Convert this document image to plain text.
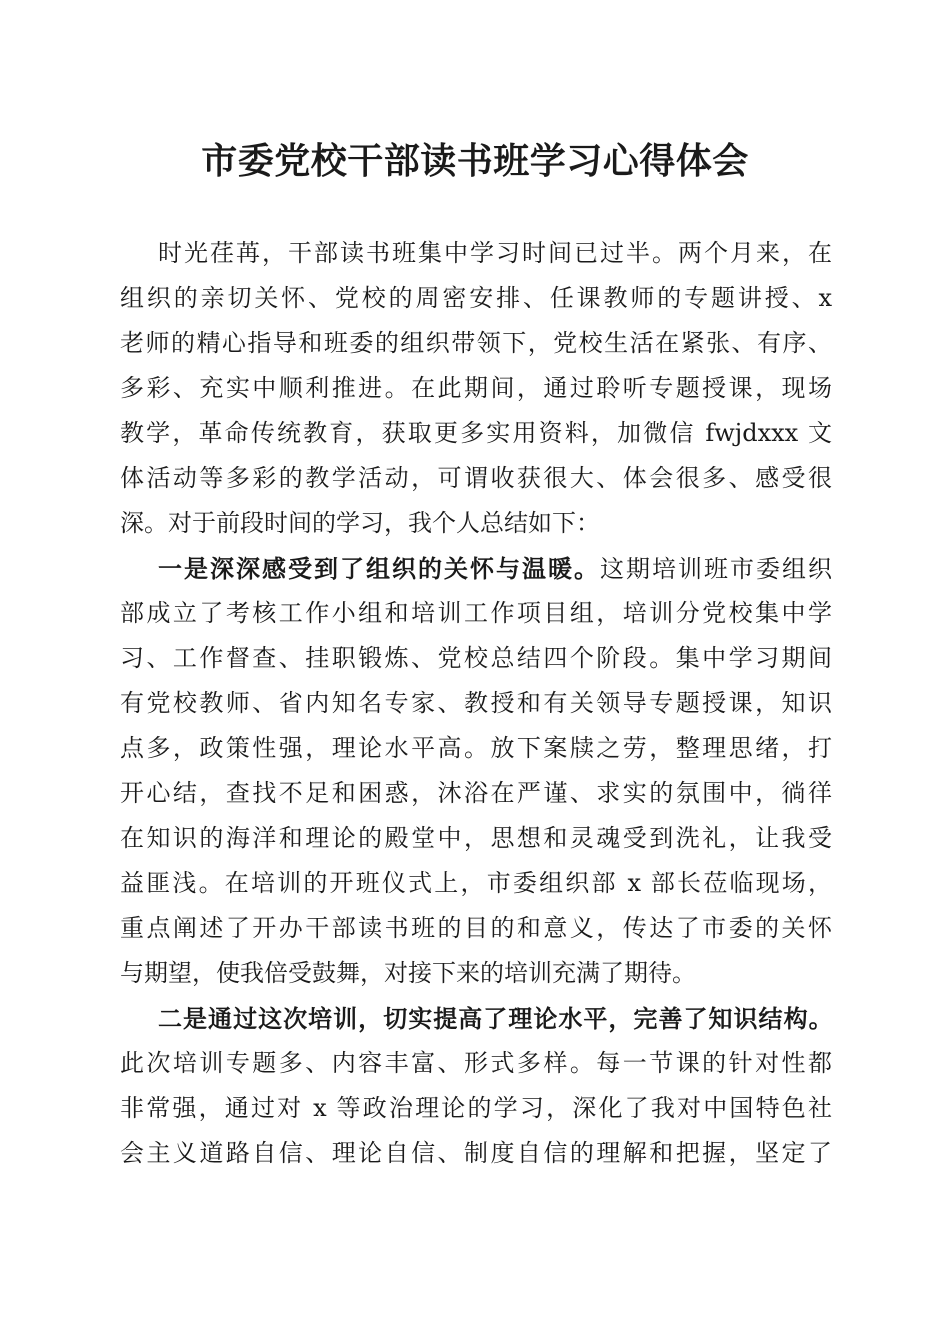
市委党校干部读书班学习心得体会
时光荏苒，干部读书班集中学习时间已过半。两个月来，在
组织的亲切关怀、党校的周密安排、任课教师的专题讲授、x
老师的精心指导和班委的组织带领下，党校生活在紧张、有序、
多彩、充实中顺利推进。在此期间，通过聆听专题授课，现场
教学，革命传统教育，获取更多实用资料，加微信 fwjdxxx 文
体活动等多彩的教学活动，可谓收获很大、体会很多、感受很
深。对于前段时间的学习，我个人总结如下：
一是深深感受到了组织的关怀与温暖。这期培训班市委组织
部成立了考核工作小组和培训工作项目组，培训分党校集中学
习、工作督查、挂职锻炼、党校总结四个阶段。集中学习期间
有党校教师、省内知名专家、教授和有关领导专题授课，知识
点多，政策性强，理论水平高。放下案牍之劳，整理思绪，打
开心结，查找不足和困惑，沐浴在严谨、求实的氛围中，徜徉
在知识的海洋和理论的殿堂中，思想和灵魂受到洗礼，让我受
益匪浅。在培训的开班仪式上，市委组织部 x 部长莅临现场，
重点阐述了开办干部读书班的目的和意义，传达了市委的关怀
与期望，使我倍受鼓舞，对接下来的培训充满了期待。
二是通过这次培训，切实提高了理论水平，完善了知识结构。
此次培训专题多、内容丰富、形式多样。每一节课的针对性都
非常强，通过对 x 等政治理论的学习，深化了我对中国特色社
会主义道路自信、理论自信、制度自信的理解和把握，坚定了
